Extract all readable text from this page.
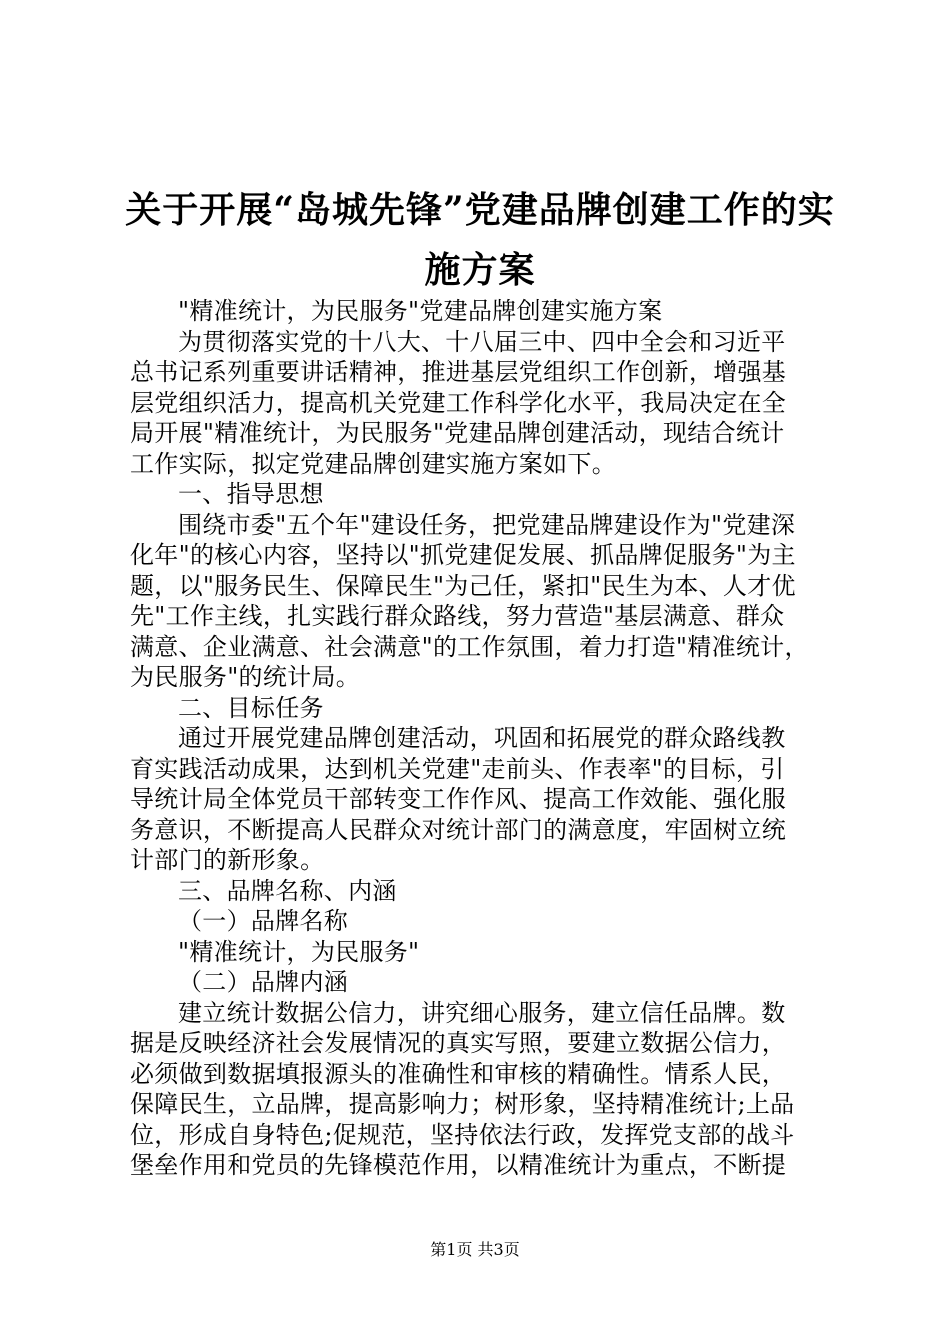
关于开展“岛城先锋”党建品牌创建工作的实
施方案
"精准统计，为民服务"党建品牌创建实施方案
为贯彻落实党的十八大、十八届三中、四中全会和习近平
总书记系列重要讲话精神，推进基层党组织工作创新，增强基
层党组织活力，提高机关党建工作科学化水平，我局决定在全
局开展"精准统计，为民服务"党建品牌创建活动，现结合统计
工作实际，拟定党建品牌创建实施方案如下。
一、指导思想
围绕市委"五个年"建设任务，把党建品牌建设作为"党建深
化年"的核心内容，坚持以"抓党建促发展、抓品牌促服务"为主
题，以"服务民生、保障民生"为己任，紧扣"民生为本、人才优
先"工作主线，扎实践行群众路线，努力营造"基层满意、群众
满意、企业满意、社会满意"的工作氛围，着力打造"精准统计，
为民服务"的统计局。
二、目标任务
通过开展党建品牌创建活动，巩固和拓展党的群众路线教
育实践活动成果，达到机关党建"走前头、作表率"的目标，引
导统计局全体党员干部转变工作作风、提高工作效能、强化服
务意识，不断提高人民群众对统计部门的满意度，牢固树立统
计部门的新形象。
三、品牌名称、内涵
（一）品牌名称
"精准统计，为民服务"
（二）品牌内涵
建立统计数据公信力，讲究细心服务，建立信任品牌。数
据是反映经济社会发展情况的真实写照，要建立数据公信力，
必须做到数据填报源头的准确性和审核的精确性。情系人民，
保障民生，立品牌，提高影响力；树形象，坚持精准统计;上品
位，形成自身特色;促规范，坚持依法行政，发挥党支部的战斗
堡垒作用和党员的先锋模范作用，以精准统计为重点，不断提
第1页 共3页
